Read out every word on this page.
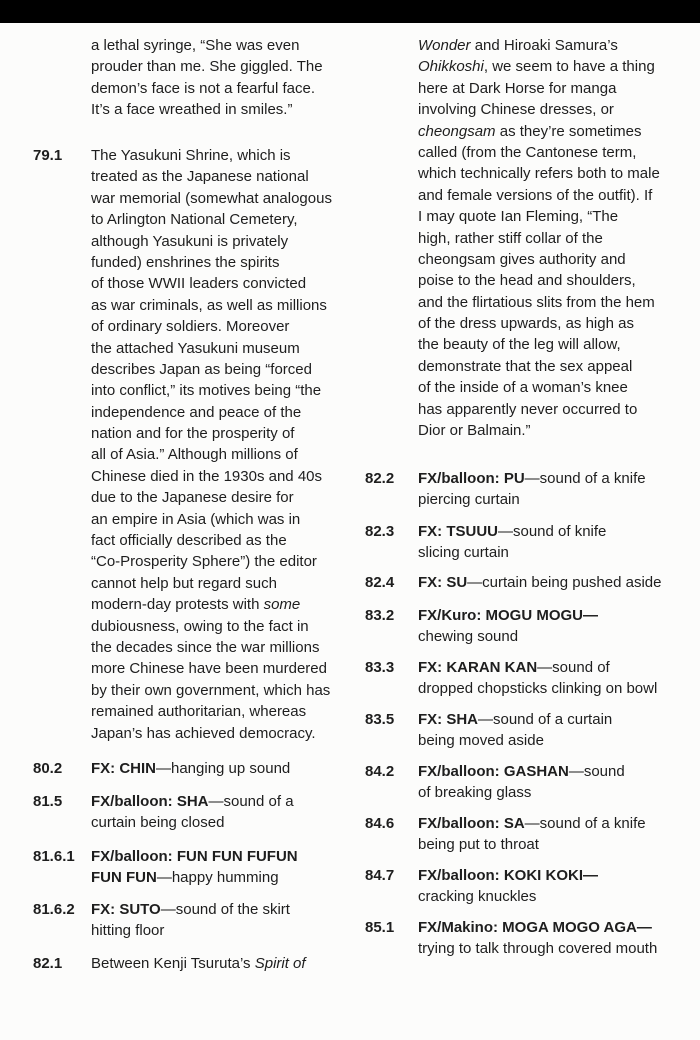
a lethal syringe, “She was even
prouder than me. She giggled. The
demon’s face is not a fearful face.
It’s a face wreathed in smiles.”
79.1 The Yasukuni Shrine, which is
treated as the Japanese national
war memorial (somewhat analogous
to Arlington National Cemetery,
although Yasukuni is privately
funded) enshrines the spirits
of those WWII leaders convicted
as war criminals, as well as millions
of ordinary soldiers. Moreover
the attached Yasukuni museum
describes Japan as being “forced
into conflict,” its motives being “the
independence and peace of the
nation and for the prosperity of
all of Asia.” Although millions of
Chinese died in the 1930s and 40s
due to the Japanese desire for
an empire in Asia (which was in
fact officially described as the
“Co-Prosperity Sphere”) the editor
cannot help but regard such
modern-day protests with some
dubiousness, owing to the fact in
the decades since the war millions
more Chinese have been murdered
by their own government, which has
remained authoritarian, whereas
Japan’s has achieved democracy.
80.2 FX: CHIN—hanging up sound
81.5 FX/balloon: SHA—sound of a
curtain being closed
81.6.1 FX/balloon: FUN FUN FUFUN
FUN FUN—happy humming
81.6.2 FX: SUTO—sound of the skirt
hitting floor
82.1 Between Kenji Tsuruta’s Spirit of
Wonder and Hiroaki Samura’s
Ohikkoshi, we seem to have a thing
here at Dark Horse for manga
involving Chinese dresses, or
cheongsam as they’re sometimes
called (from the Cantonese term,
which technically refers both to male
and female versions of the outfit). If
I may quote Ian Fleming, “The
high, rather stiff collar of the
cheongsam gives authority and
poise to the head and shoulders,
and the flirtatious slits from the hem
of the dress upwards, as high as
the beauty of the leg will allow,
demonstrate that the sex appeal
of the inside of a woman’s knee
has apparently never occurred to
Dior or Balmain.”
82.2 FX/balloon: PU—sound of a knife
piercing curtain
82.3 FX: TSUUU—sound of knife
slicing curtain
82.4 FX: SU—curtain being pushed aside
83.2 FX/Kuro: MOGU MOGU—
chewing sound
83.3 FX: KARAN KAN—sound of
dropped chopsticks clinking on bowl
83.5 FX: SHA—sound of a curtain
being moved aside
84.2 FX/balloon: GASHAN—sound
of breaking glass
84.6 FX/balloon: SA—sound of a knife
being put to throat
84.7 FX/balloon: KOKI KOKI—
cracking knuckles
85.1 FX/Makino: MOGA MOGO AGA—
trying to talk through covered mouth
